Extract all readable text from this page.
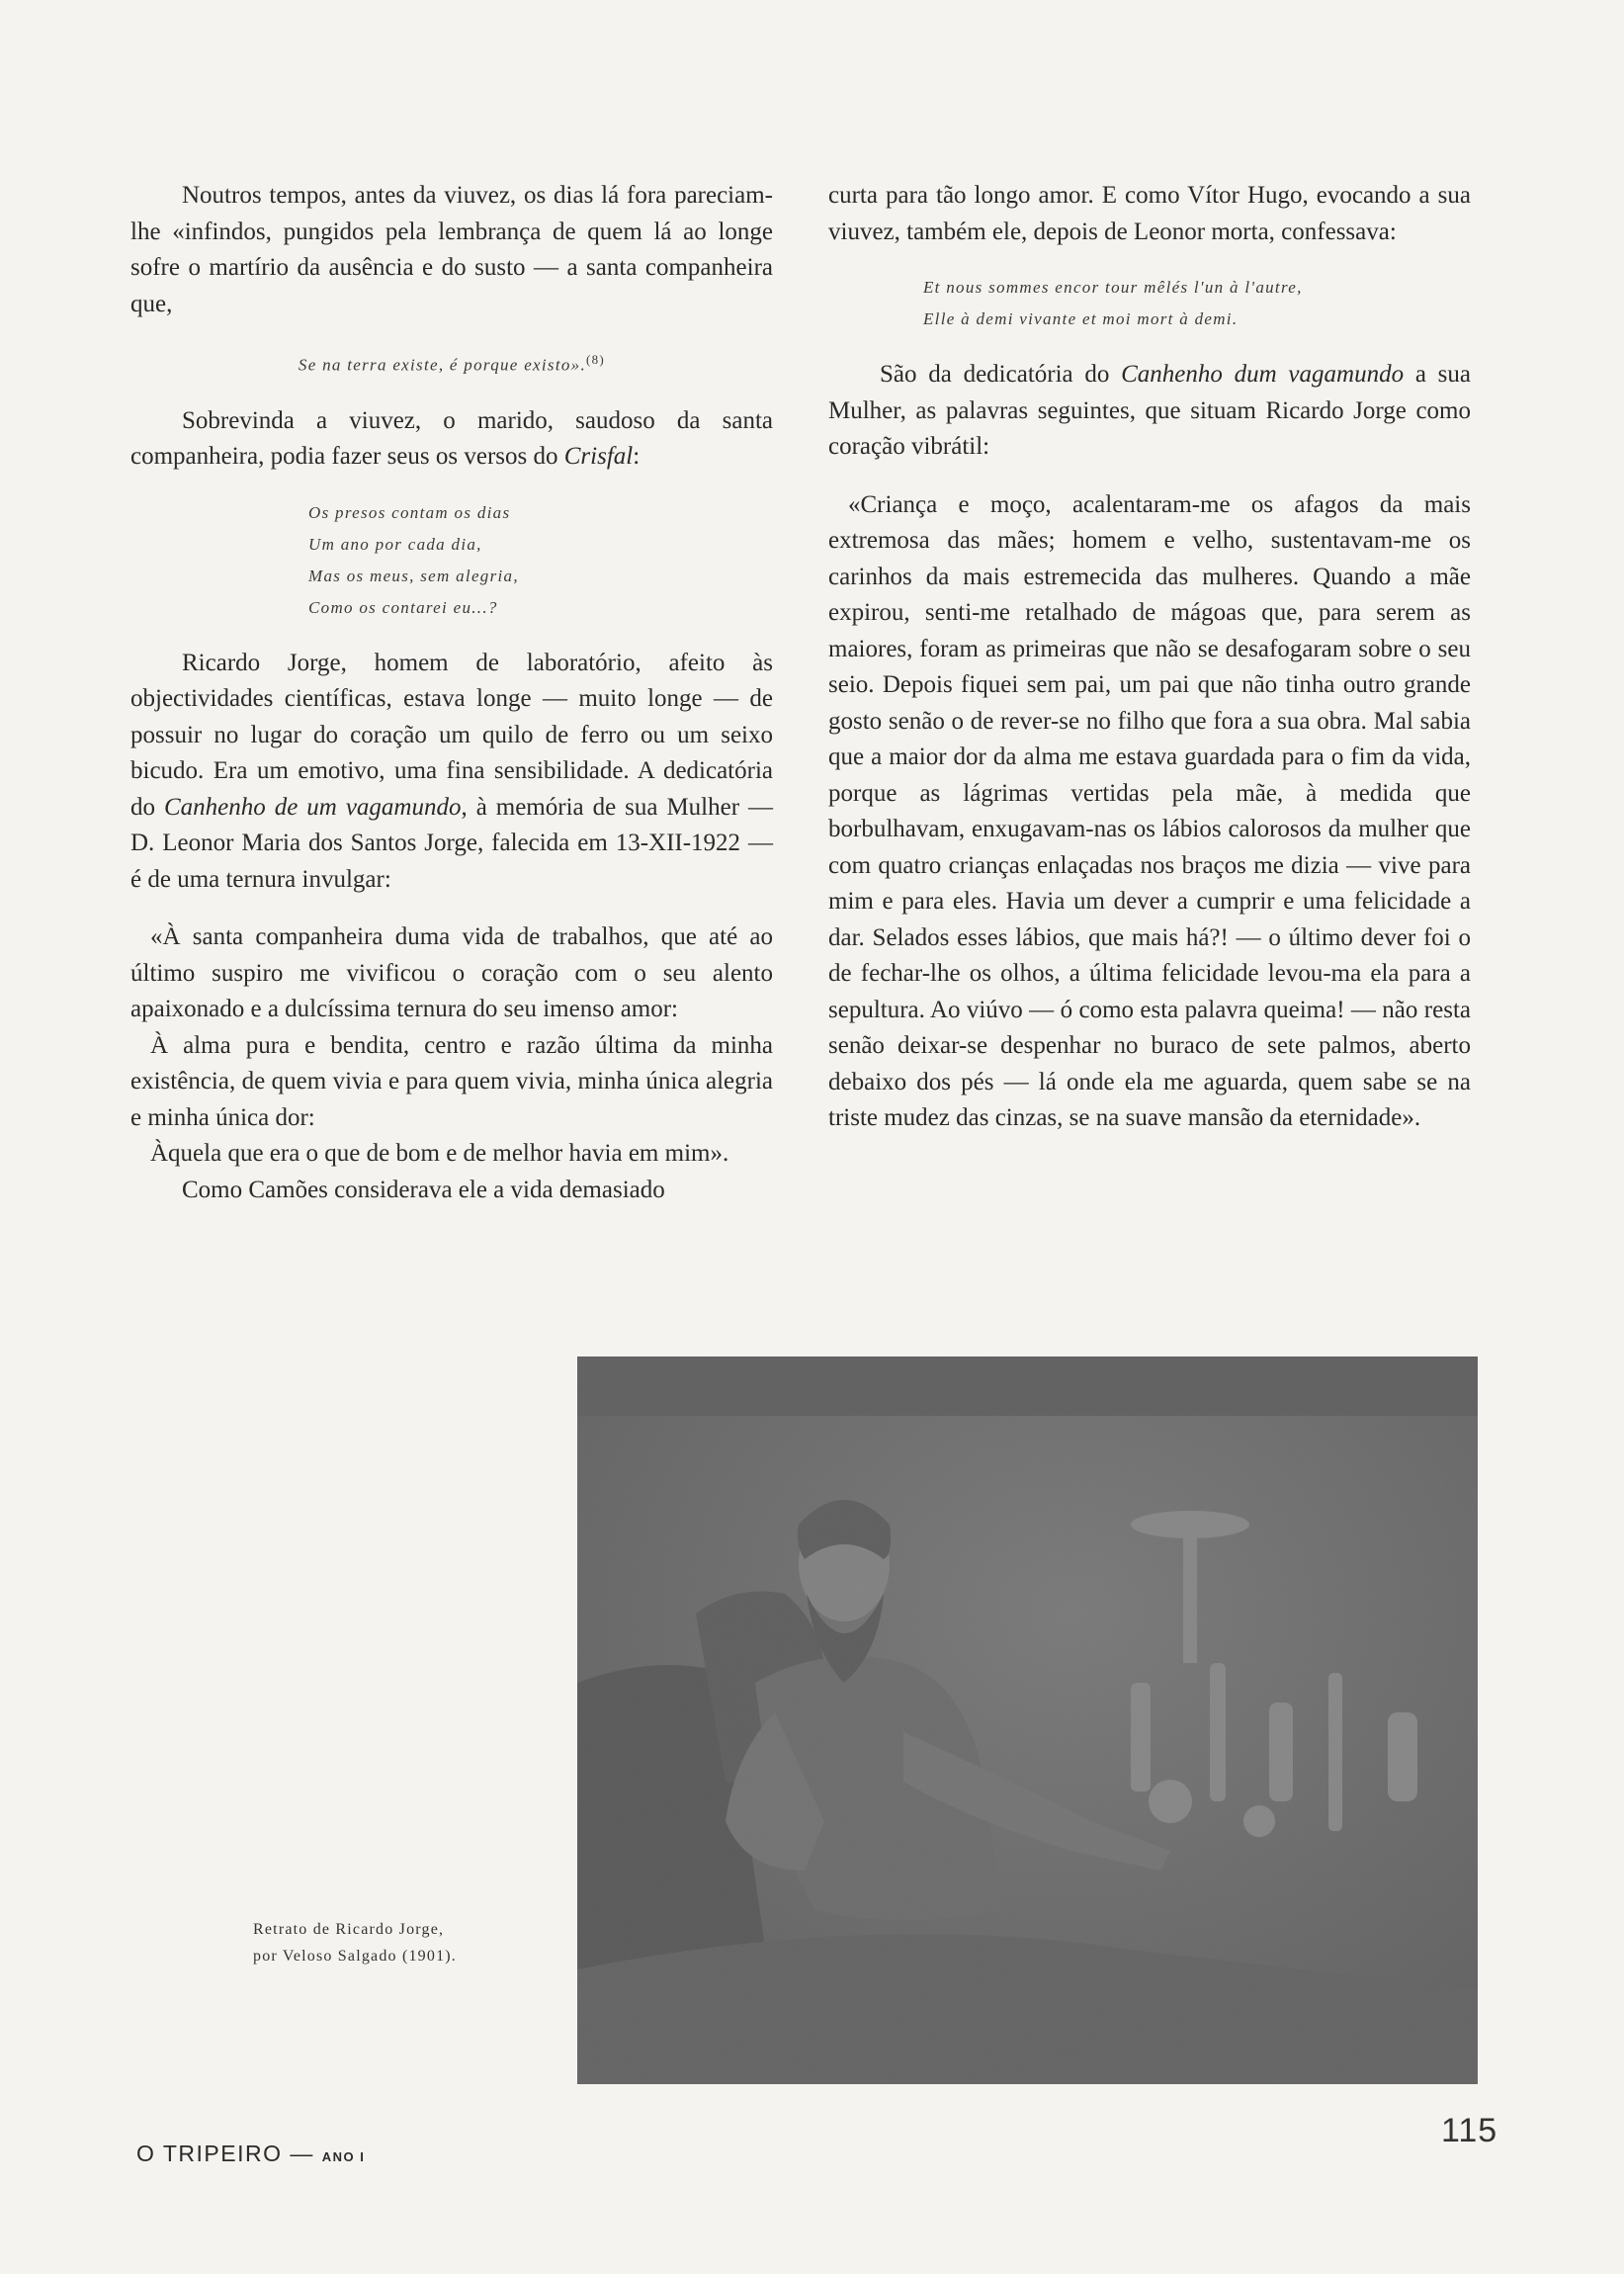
Noutros tempos, antes da viuvez, os dias lá fora pareciam-lhe «infindos, pungidos pela lembrança de quem lá ao longe sofre o martírio da ausência e do susto — a santa companheira que,

Se na terra existe, é porque existo».$^{(8)}$

Sobrevinda a viuvez, o marido, saudoso da santa companheira, podia fazer seus os versos do Crisfal:

Os presos contam os dias
Um ano por cada dia,
Mas os meus, sem alegria,
Como os contarei eu...?

Ricardo Jorge, homem de laboratório, afeito às objectividades científicas, estava longe — muito longe — de possuir no lugar do coração um quilo de ferro ou um seixo bicudo. Era um emotivo, uma fina sensibilidade. A dedicatória do Canhenho de um vagamundo, à memória de sua Mulher — D. Leonor Maria dos Santos Jorge, falecida em 13-XII-1922 — é de uma ternura invulgar:

«À santa companheira duma vida de trabalhos, que até ao último suspiro me vivificou o coração com o seu alento apaixonado e a dulcíssima ternura do seu imenso amor:

À alma pura e bendita, centro e razão última da minha existência, de quem vivia e para quem vivia, minha única alegria e minha única dor:

Àquela que era o que de bom e de melhor havia em mim».

Como Camões considerava ele a vida demasiado

curta para tão longo amor. E como Vítor Hugo, evocando a sua viuvez, também ele, depois de Leonor morta, confessava:

Et nous sommes encor tour mêlés l'un à l'autre,
Elle à demi vivante et moi mort à demi.

São da dedicatória do Canhenho dum vagamundo a sua Mulher, as palavras seguintes, que situam Ricardo Jorge como coração vibrátil:

«Criança e moço, acalentaram-me os afagos da mais extremosa das mães; homem e velho, sustentavam-me os carinhos da mais estremecida das mulheres. Quando a mãe expirou, senti-me retalhado de mágoas que, para serem as maiores, foram as primeiras que não se desafogaram sobre o seu seio. Depois fiquei sem pai, um pai que não tinha outro grande gosto senão o de rever-se no filho que fora a sua obra. Mal sabia que a maior dor da alma me estava guardada para o fim da vida, porque as lágrimas vertidas pela mãe, à medida que borbulhavam, enxugavam-nas os lábios calorosos da mulher que com quatro crianças enlaçadas nos braços me dizia — vive para mim e para eles. Havia um dever a cumprir e uma felicidade a dar. Selados esses lábios, que mais há?! — o último dever foi o de fechar-lhe os olhos, a última felicidade levou-ma ela para a sepultura. Ao viúvo — ó como esta palavra queima! — não resta senão deixar-se despenhar no buraco de sete palmos, aberto debaixo dos pés — lá onde ela me aguarda, quem sabe se na triste mudez das cinzas, se na suave mansão da eternidade».

Retrato de Ricardo Jorge,
por Veloso Salgado (1901).
O TRIPEIRO — ANO I
115
